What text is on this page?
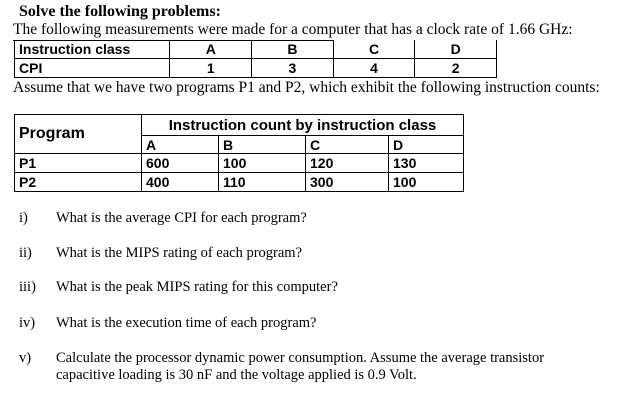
Solve the following problems:
The following measurements were made for a computer that has a clock rate of 1.66 GHz:
Instruction class	A	B	C	D
CPI	1	3	4	2
Assume that we have two programs P1 and P2, which exhibit the following instruction counts:
Program	Instruction count by instruction class			
	A	B	C	D
P1	600	100	120	130
P2	400	110	300	100
i) What is the average CPI for each program?
ii) What is the MIPS rating of each program?
iii) What is the peak MIPS rating for this computer?
iv) What is the execution time of each program?
v) Calculate the processor dynamic power consumption. Assume the average transistor capacitive loading is 30 nF and the voltage applied is 0.9 Volt.
